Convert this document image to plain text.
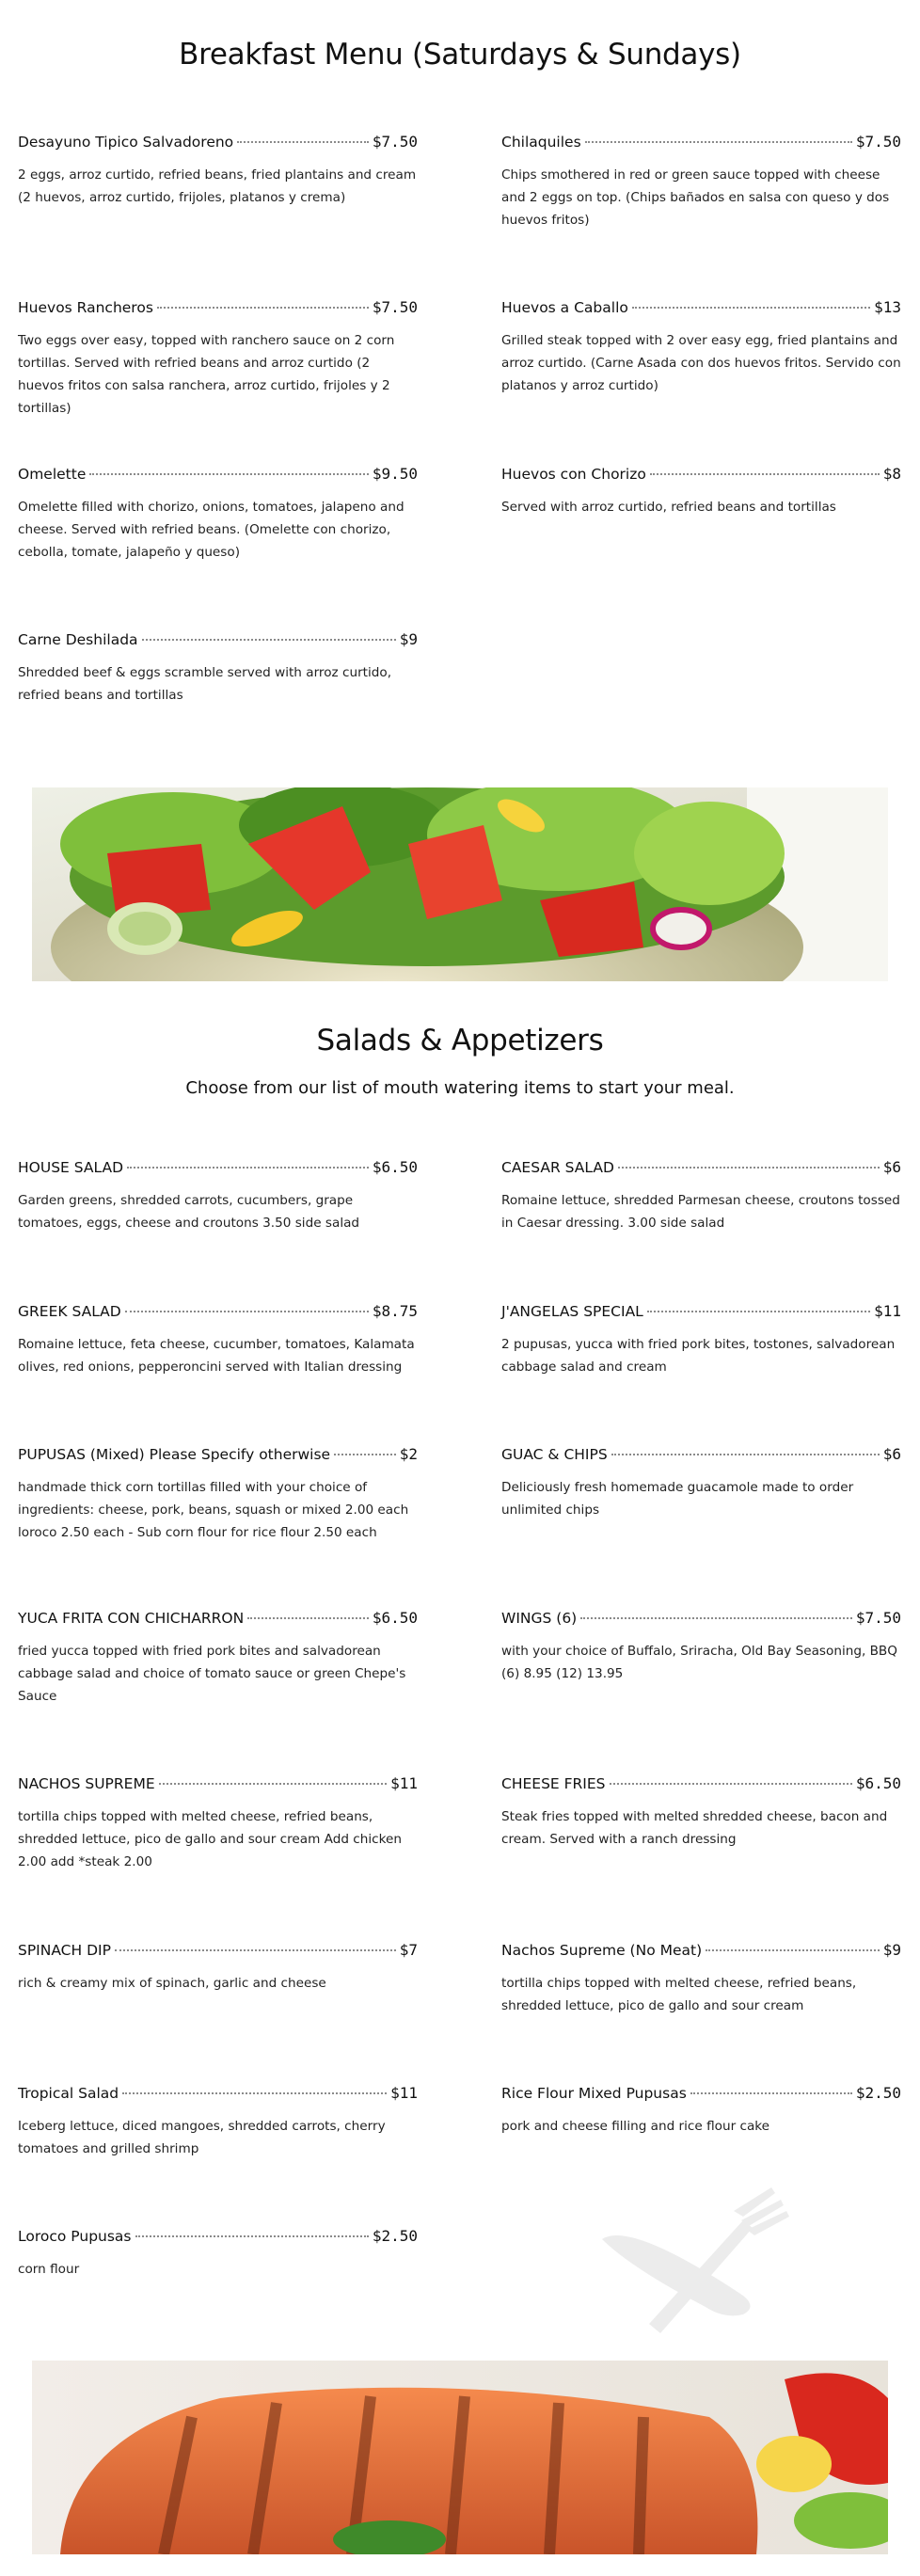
Breakfast Menu (Saturdays & Sundays)
Desayuno Tipico Salvadoreno	$7.50
2 eggs, arroz curtido, refried beans, fried plantains and cream (2 huevos, arroz curtido, frijoles, platanos y crema)
Chilaquiles	$7.50
Chips smothered in red or green sauce topped with cheese and 2 eggs on top. (Chips bañados en salsa con queso y dos huevos fritos)
Huevos Rancheros	$7.50
Two eggs over easy, topped with ranchero sauce on 2 corn tortillas. Served with refried beans and arroz curtido (2 huevos fritos con salsa ranchera, arroz curtido, frijoles y 2 tortillas)
Huevos a Caballo	$13
Grilled steak topped with 2 over easy egg, fried plantains and arroz curtido. (Carne Asada con dos huevos fritos. Servido con platanos y arroz curtido)
Omelette	$9.50
Omelette filled with chorizo, onions, tomatoes, jalapeno and cheese. Served with refried beans. (Omelette con chorizo, cebolla, tomate, jalapeño y queso)
Huevos con Chorizo	$8
Served with arroz curtido, refried beans and tortillas
Carne Deshilada	$9
Shredded beef & eggs scramble served with arroz curtido, refried beans and tortillas
Salads & Appetizers

Choose from our list of mouth watering items to start your meal.

HOUSE SALAD	$6.50
Garden greens, shredded carrots, cucumbers, grape tomatoes, eggs, cheese and croutons 3.50 side salad
CAESAR SALAD	$6
Romaine lettuce, shredded Parmesan cheese, croutons tossed in Caesar dressing. 3.00 side salad
GREEK SALAD	$8.75
Romaine lettuce, feta cheese, cucumber, tomatoes, Kalamata olives, red onions, pepperoncini served with Italian dressing
J'ANGELAS SPECIAL	$11
2 pupusas, yucca with fried pork bites, tostones, salvadorean cabbage salad and cream
PUPUSAS (Mixed) Please Specify otherwise	$2
handmade thick corn tortillas filled with your choice of ingredients: cheese, pork, beans, squash or mixed 2.00 each loroco 2.50 each - Sub corn flour for rice flour 2.50 each
GUAC & CHIPS	$6
Deliciously fresh homemade guacamole made to order unlimited chips
YUCA FRITA CON CHICHARRON	$6.50
fried yucca topped with fried pork bites and salvadorean cabbage salad and choice of tomato sauce or green Chepe's Sauce
WINGS (6)	$7.50
with your choice of Buffalo, Sriracha, Old Bay Seasoning, BBQ (6) 8.95 (12) 13.95
NACHOS SUPREME	$11
tortilla chips topped with melted cheese, refried beans, shredded lettuce, pico de gallo and sour cream Add chicken 2.00 add *steak 2.00
CHEESE FRIES	$6.50
Steak fries topped with melted shredded cheese, bacon and cream. Served with a ranch dressing
SPINACH DIP	$7
rich & creamy mix of spinach, garlic and cheese
Nachos Supreme (No Meat)	$9
tortilla chips topped with melted cheese, refried beans, shredded lettuce, pico de gallo and sour cream
Tropical Salad	$11
Iceberg lettuce, diced mangoes, shredded carrots, cherry tomatoes and grilled shrimp
Rice Flour Mixed Pupusas	$2.50
pork and cheese filling and rice flour cake
Loroco Pupusas	$2.50
corn flour
